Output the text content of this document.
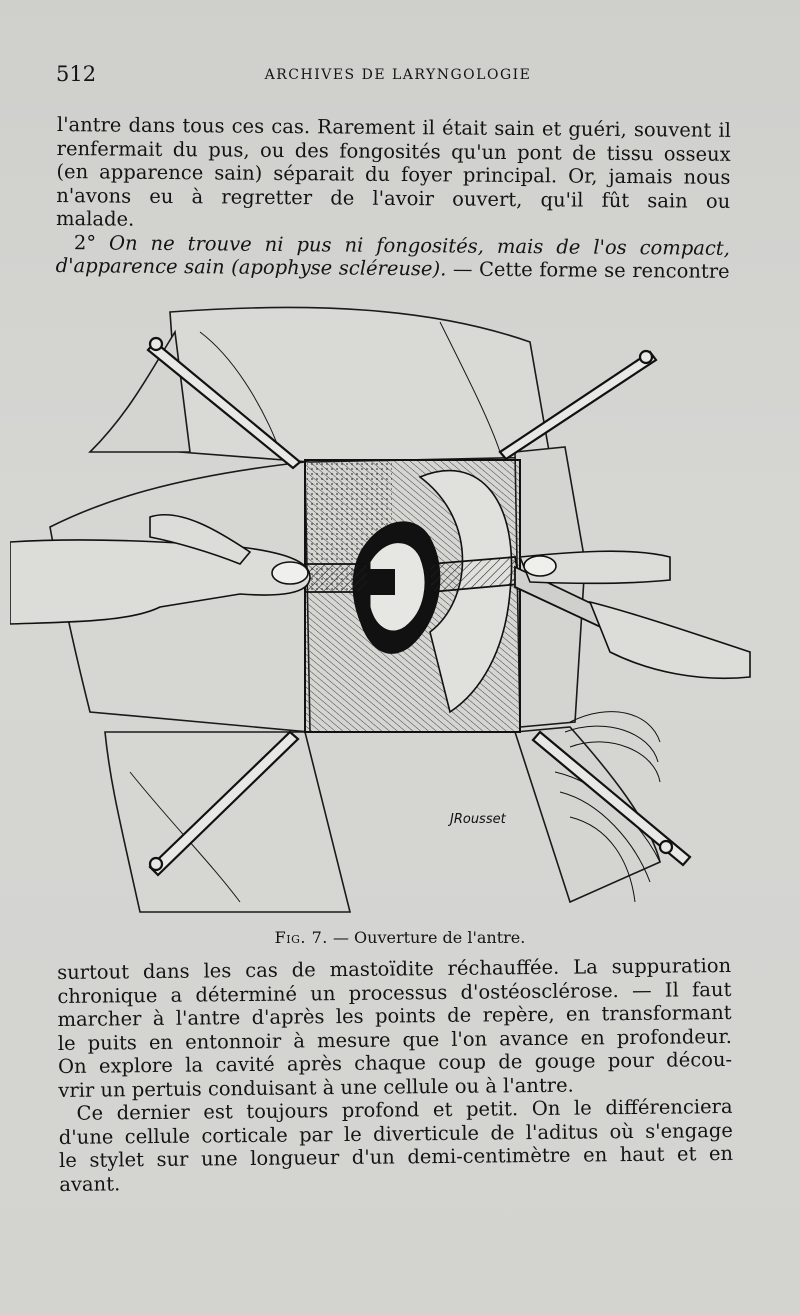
512	ARCHIVES DE LARYNGOLOGIE
l'antre dans tous ces cas. Rarement il était sain et guéri, souvent il
renfermait du pus, ou des fongosités qu'un pont de tissu osseux
(en apparence sain) séparait du foyer principal. Or, jamais nous
n'avons eu à regretter de l'avoir ouvert, qu'il fût sain ou
malade.
2° On ne trouve ni pus ni fongosités, mais de l'os compact,
d'apparence sain (apophyse scléreuse). — Cette forme se rencontre
JRousset
Fig. 7. — Ouverture de l'antre.
surtout dans les cas de mastoïdite réchauffée. La suppuration
chronique a déterminé un processus d'ostéosclérose. — Il faut
marcher à l'antre d'après les points de repère, en transformant
le puits en entonnoir à mesure que l'on avance en profondeur.
On explore la cavité après chaque coup de gouge pour décou-
vrir un pertuis conduisant à une cellule ou à l'antre.
Ce dernier est toujours profond et petit. On le différenciera
d'une cellule corticale par le diverticule de l'aditus où s'engage
le stylet sur une longueur d'un demi-centimètre en haut et en
avant.
